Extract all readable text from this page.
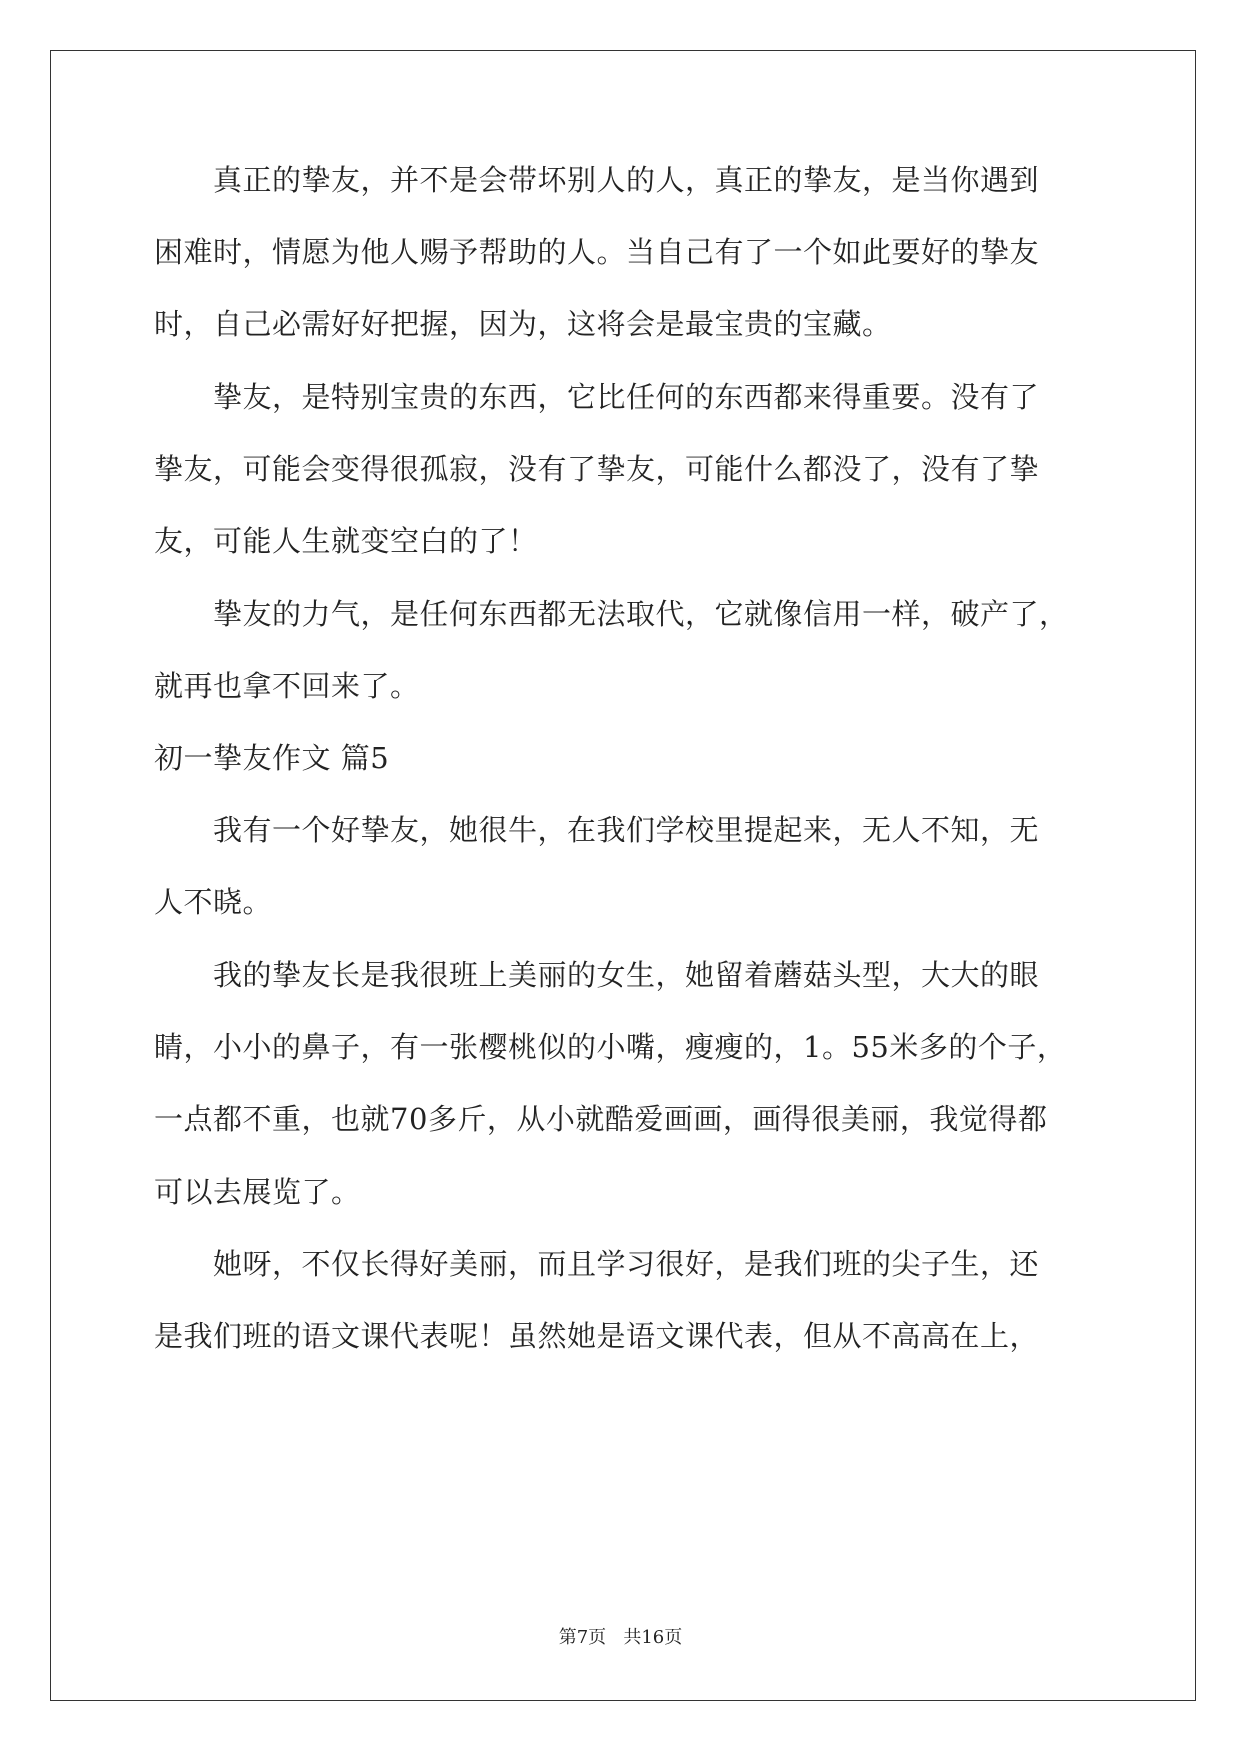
　　真正的挚友，并不是会带坏别人的人，真正的挚友，是当你遇到
困难时，情愿为他人赐予帮助的人。当自己有了一个如此要好的挚友
时，自己必需好好把握，因为，这将会是最宝贵的宝藏。
　　挚友，是特别宝贵的东西，它比任何的东西都来得重要。没有了
挚友，可能会变得很孤寂，没有了挚友，可能什么都没了，没有了挚
友，可能人生就变空白的了！
　　挚友的力气，是任何东西都无法取代，它就像信用一样，破产了，
就再也拿不回来了。
初一挚友作文 篇5
　　我有一个好挚友，她很牛，在我们学校里提起来，无人不知，无
人不晓。
　　我的挚友长是我很班上美丽的女生，她留着蘑菇头型，大大的眼
睛，小小的鼻子，有一张樱桃似的小嘴，瘦瘦的，1。55米多的个子，
一点都不重，也就70多斤，从小就酷爱画画，画得很美丽，我觉得都
可以去展览了。
　　她呀，不仅长得好美丽，而且学习很好，是我们班的尖子生，还
是我们班的语文课代表呢！虽然她是语文课代表，但从不高高在上，
第7页   共16页
